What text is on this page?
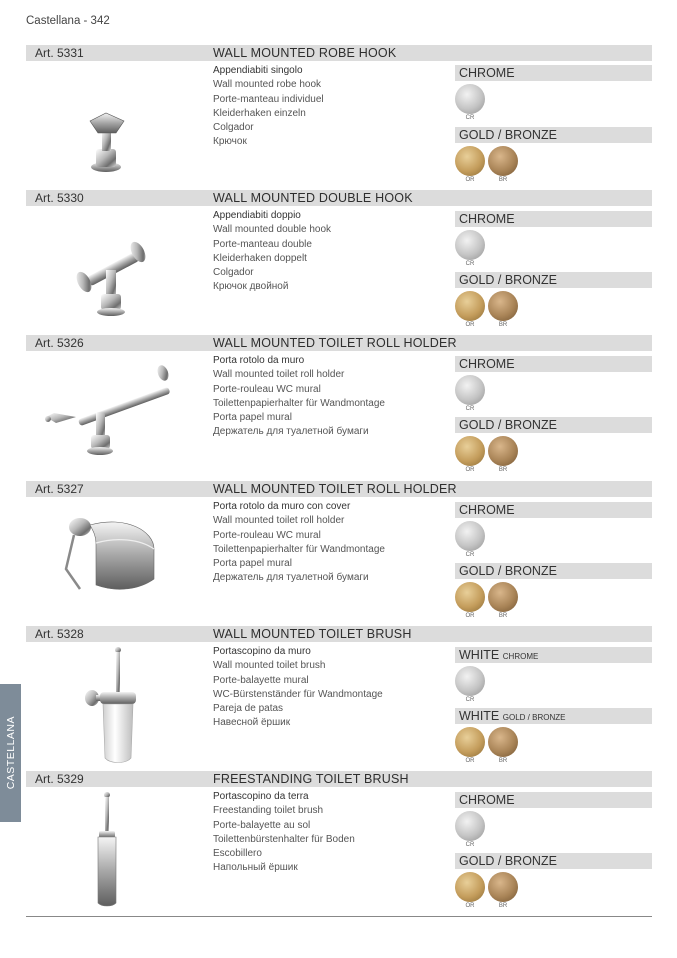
Castellana - 342
CASTELLANA
Art. 5331	WALL MOUNTED ROBE HOOK
Appendiabiti singolo
Wall mounted robe hook
Porte-manteau individuel
Kleiderhaken einzeln
Colgador
Крючок
CHROME
CR
GOLD / BRONZE
OR	BR
Art. 5330	WALL MOUNTED DOUBLE HOOK
Appendiabiti doppio
Wall mounted double hook
Porte-manteau double
Kleiderhaken doppelt
Colgador
Крючок двойной
CHROME
CR
GOLD / BRONZE
OR	BR
Art. 5326	WALL MOUNTED TOILET ROLL HOLDER
Porta rotolo da muro
Wall mounted toilet roll holder
Porte-rouleau WC mural
Toilettenpapierhalter für Wandmontage
Porta papel mural
Держатель для туалетной бумаги
CHROME
CR
GOLD / BRONZE
OR	BR
Art. 5327	WALL MOUNTED TOILET ROLL HOLDER
Porta rotolo da muro con cover
Wall mounted toilet roll holder
Porte-rouleau WC mural
Toilettenpapierhalter für Wandmontage
Porta papel mural
Держатель для туалетной бумаги
CHROME
CR
GOLD / BRONZE
OR	BR
Art. 5328	WALL MOUNTED TOILET BRUSH
Portascopino da muro
Wall mounted toilet brush
Porte-balayette mural
WC-Bürstenständer für Wandmontage
Pareja de patas
Навесной ёршик
WHITE CHROME
CR
WHITE GOLD / BRONZE
OR	BR
Art. 5329	FREESTANDING TOILET BRUSH
Portascopino da terra
Freestanding toilet brush
Porte-balayette au sol
Toilettenbürstenhalter für Boden
Escobillero
Напольный ёршик
CHROME
CR
GOLD / BRONZE
OR	BR
